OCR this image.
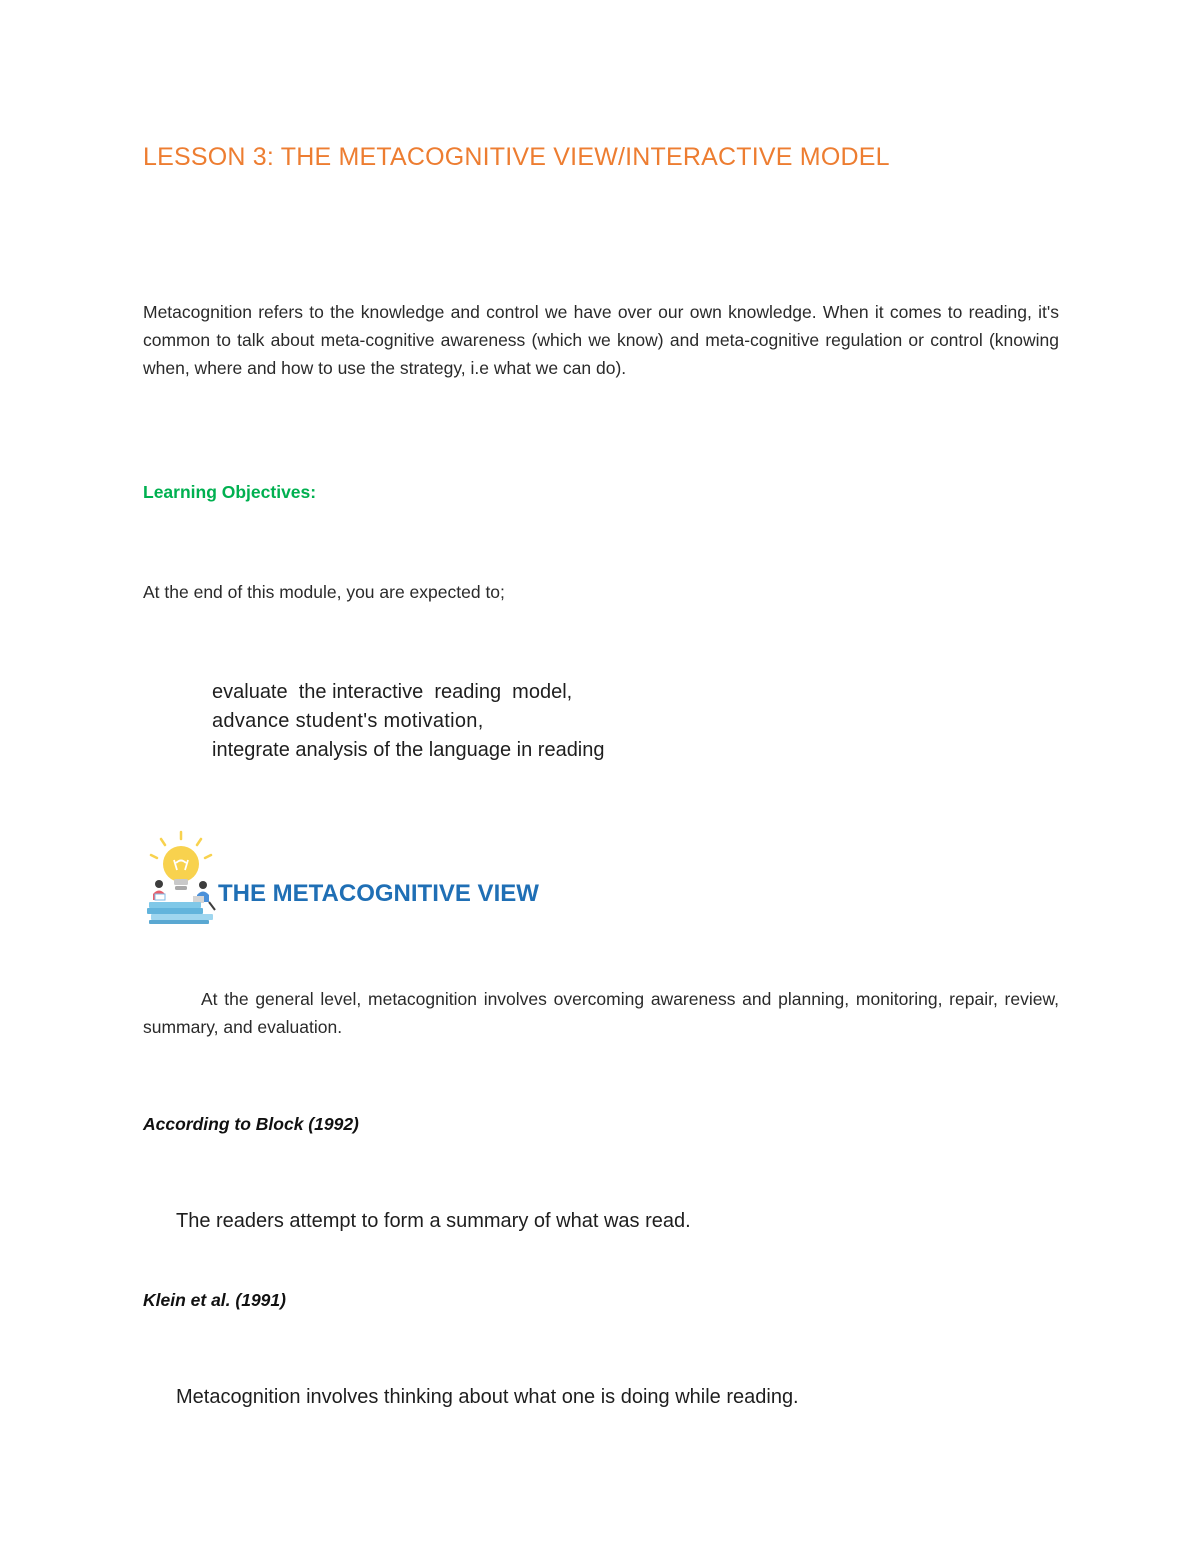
LESSON 3: THE METACOGNITIVE VIEW/INTERACTIVE MODEL

Metacognition refers to the knowledge and control we have over our own knowledge. When it comes to reading, it's common to talk about meta-cognitive awareness (which we know) and meta-cognitive regulation or control (knowing when, where and how to use the strategy, i.e what we can do).

Learning Objectives:
At the end of this module, you are expected to;
evaluate  the interactive  reading  model,
advance student's motivation,
integrate analysis of the language in reading
THE METACOGNITIVE VIEW

At the general level, metacognition involves overcoming awareness and planning, monitoring, repair, review, summary, and evaluation.

According to Block (1992)
The readers attempt to form a summary of what was read.
Klein et al. (1991)
Metacognition involves thinking about what one is doing while reading.
